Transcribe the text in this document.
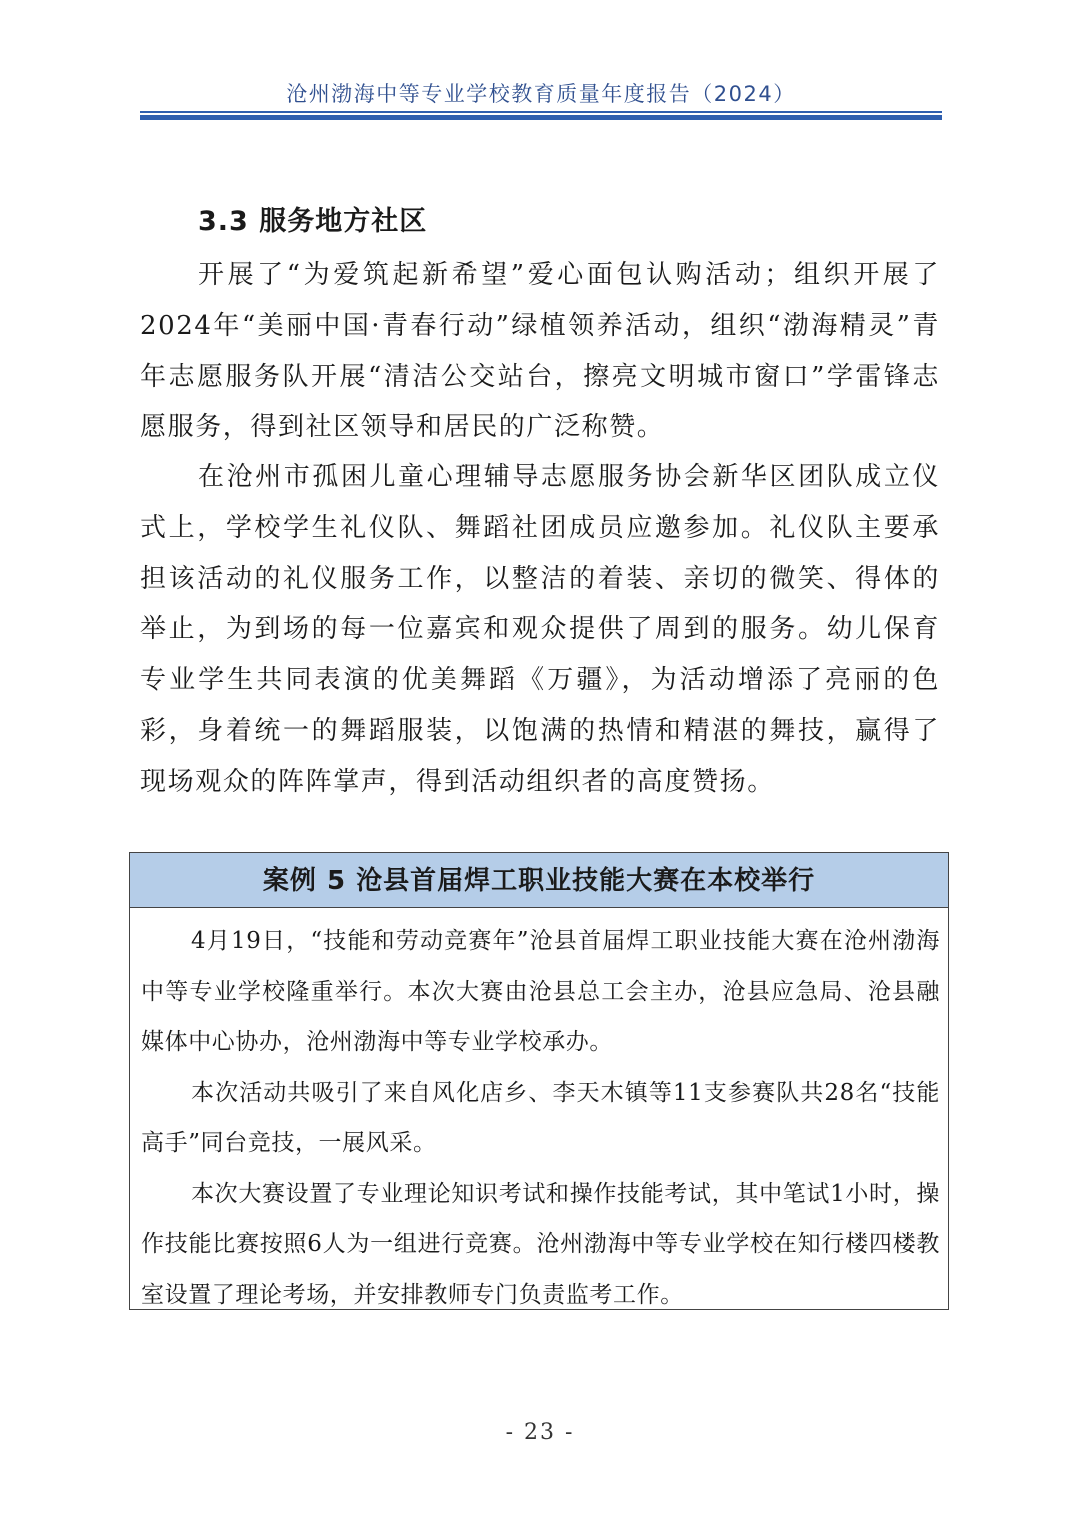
沧州渤海中等专业学校教育质量年度报告（2024）
3.3 服务地方社区

开展了“为爱筑起新希望”爱心面包认购活动；组织开展了2024年“美丽中国·青春行动”绿植领养活动，组织“渤海精灵”青年志愿服务队开展“清洁公交站台，擦亮文明城市窗口”学雷锋志愿服务，得到社区领导和居民的广泛称赞。

在沧州市孤困儿童心理辅导志愿服务协会新华区团队成立仪式上，学校学生礼仪队、舞蹈社团成员应邀参加。礼仪队主要承担该活动的礼仪服务工作，以整洁的着装、亲切的微笑、得体的举止，为到场的每一位嘉宾和观众提供了周到的服务。幼儿保育专业学生共同表演的优美舞蹈《万疆》，为活动增添了亮丽的色彩，身着统一的舞蹈服装，以饱满的热情和精湛的舞技，赢得了现场观众的阵阵掌声，得到活动组织者的高度赞扬。

案例 5 沧县首届焊工职业技能大赛在本校举行

4月19日，“技能和劳动竞赛年”沧县首届焊工职业技能大赛在沧州渤海中等专业学校隆重举行。本次大赛由沧县总工会主办，沧县应急局、沧县融媒体中心协办，沧州渤海中等专业学校承办。

本次活动共吸引了来自风化店乡、李天木镇等11支参赛队共28名“技能高手”同台竞技，一展风采。

本次大赛设置了专业理论知识考试和操作技能考试，其中笔试1小时，操作技能比赛按照6人为一组进行竞赛。沧州渤海中等专业学校在知行楼四楼教室设置了理论考场，并安排教师专门负责监考工作。

- 23 -
